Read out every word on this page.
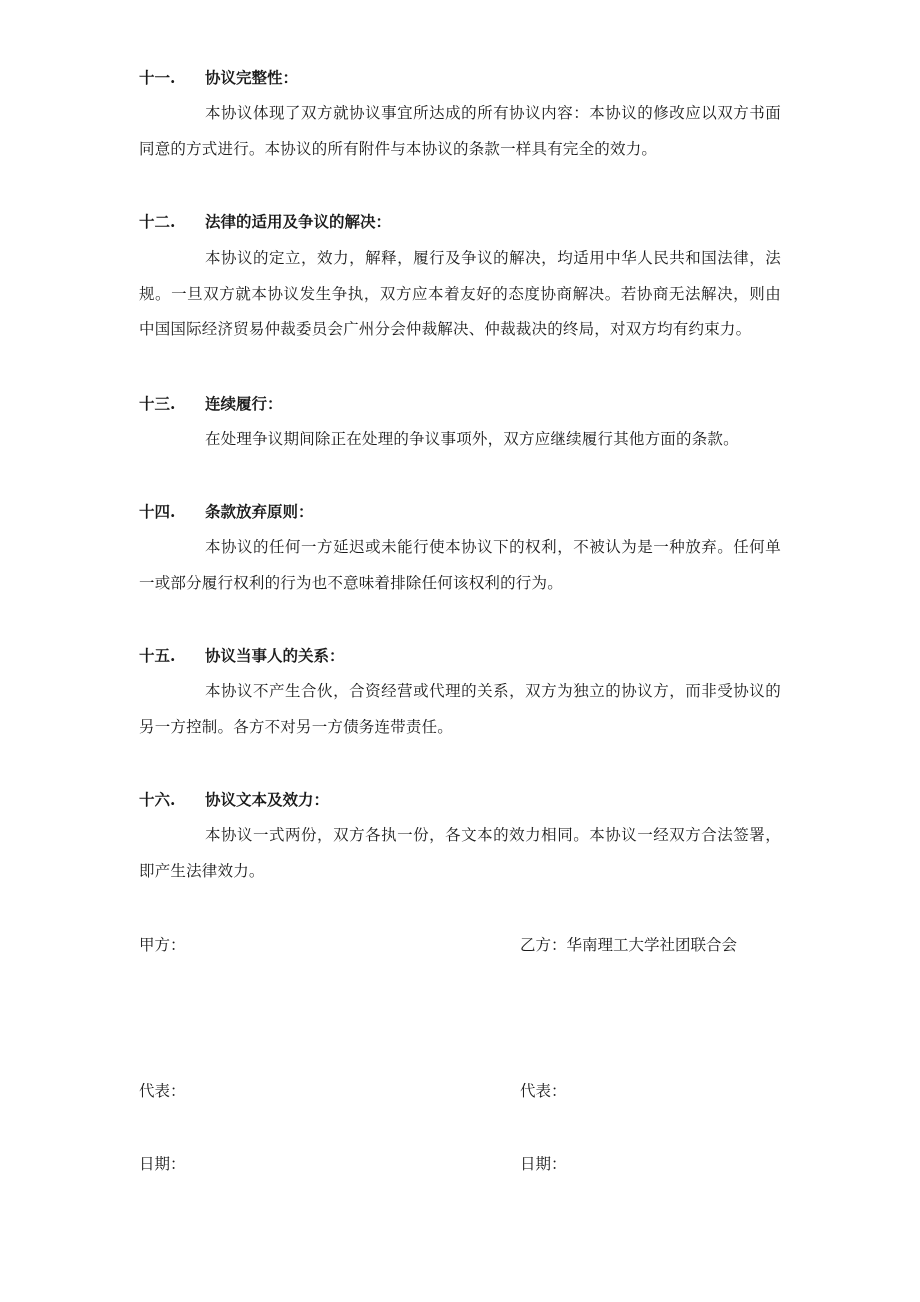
十一. 协议完整性：
本协议体现了双方就协议事宜所达成的所有协议内容：本协议的修改应以双方书面同意的方式进行。本协议的所有附件与本协议的条款一样具有完全的效力。
十二. 法律的适用及争议的解决：
本协议的定立，效力，解释，履行及争议的解决，均适用中华人民共和国法律，法规。一旦双方就本协议发生争执，双方应本着友好的态度协商解决。若协商无法解决，则由中国国际经济贸易仲裁委员会广州分会仲裁解决、仲裁裁决的终局，对双方均有约束力。
十三. 连续履行：
在处理争议期间除正在处理的争议事项外，双方应继续履行其他方面的条款。
十四. 条款放弃原则：
本协议的任何一方延迟或未能行使本协议下的权利，不被认为是一种放弃。任何单一或部分履行权利的行为也不意味着排除任何该权利的行为。
十五. 协议当事人的关系：
本协议不产生合伙，合资经营或代理的关系，双方为独立的协议方，而非受协议的另一方控制。各方不对另一方债务连带责任。
十六. 协议文本及效力：
本协议一式两份，双方各执一份，各文本的效力相同。本协议一经双方合法签署，即产生法律效力。
甲方：	乙方：华南理工大学社团联合会
代表：	代表：
日期：	日期：
